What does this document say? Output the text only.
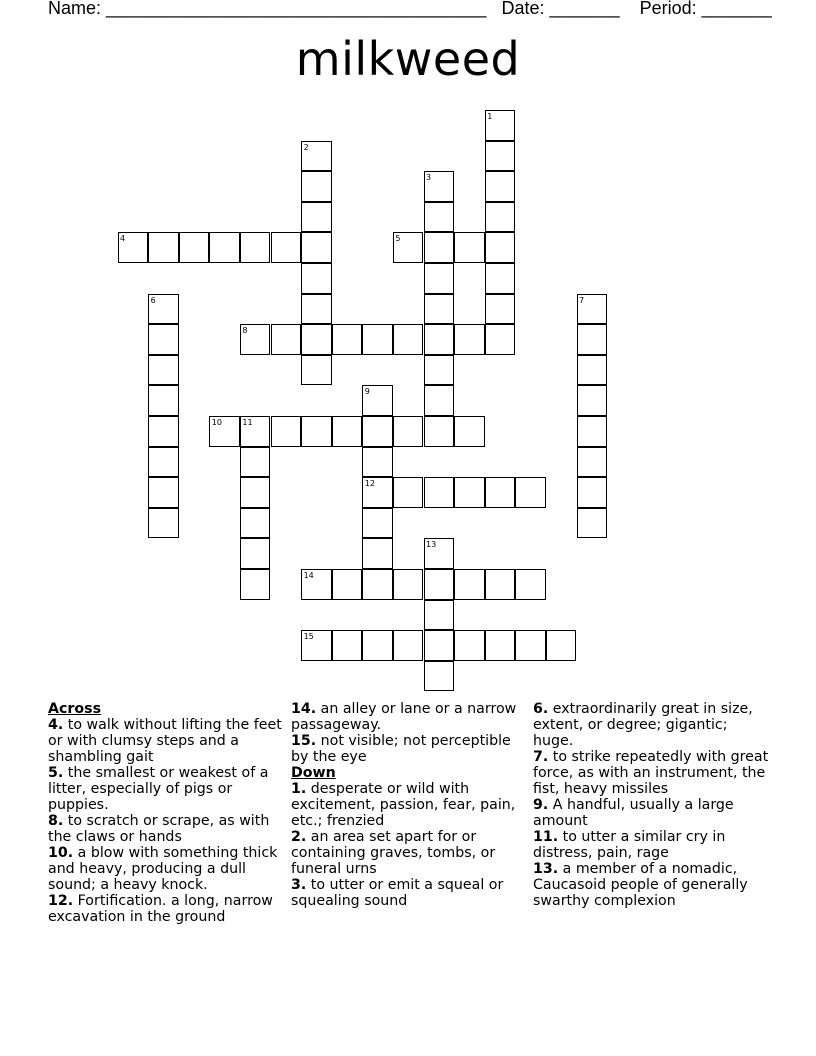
Name: ______________________________________ Date: _______ Period: _______
milkweed
1
2
3
4	5
6	7
8
9
10	11
12
13
14
15
Across
4. to walk without lifting the feet or with clumsy steps and a shambling gait
5. the smallest or weakest of a litter, especially of pigs or puppies.
8. to scratch or scrape, as with the claws or hands
10. a blow with something thick and heavy, producing a dull sound; a heavy knock.
12. Fortification. a long, narrow excavation in the ground
14. an alley or lane or a narrow passageway.
15. not visible; not perceptible by the eye
Down
1. desperate or wild with excitement, passion, fear, pain, etc.; frenzied
2. an area set apart for or containing graves, tombs, or funeral urns
3. to utter or emit a squeal or squealing sound
6. extraordinarily great in size, extent, or degree; gigantic; huge.
7. to strike repeatedly with great force, as with an instrument, the fist, heavy missiles
9. A handful, usually a large amount
11. to utter a similar cry in distress, pain, rage
13. a member of a nomadic, Caucasoid people of generally swarthy complexion
